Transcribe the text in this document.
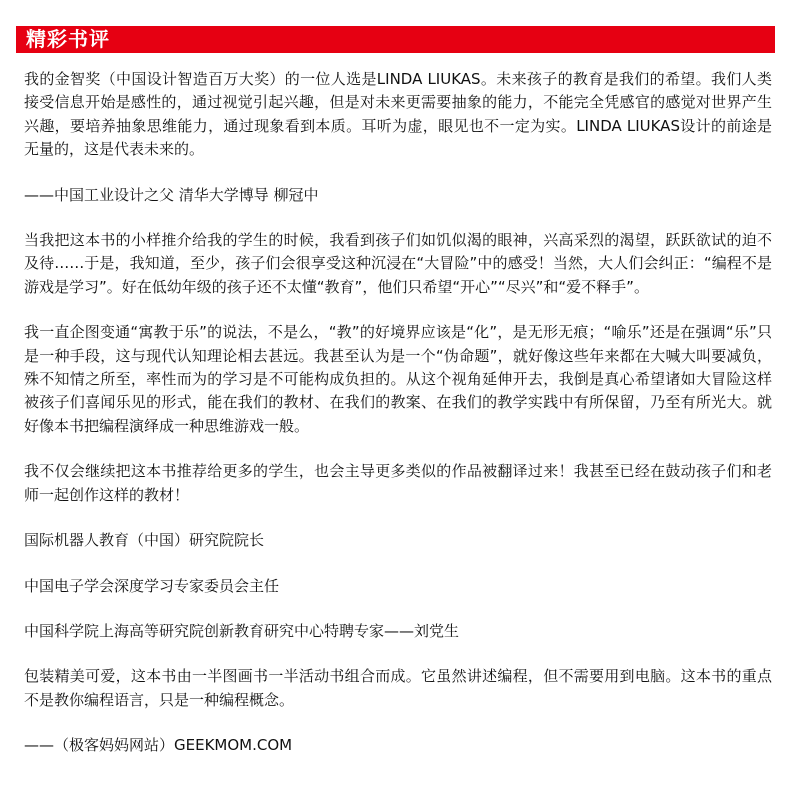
精彩书评

我的金智奖（中国设计智造百万大奖）的一位人选是LINDA LIUKAS。未来孩子的教育是我们的希望。我们人类接受信息开始是感性的，通过视觉引起兴趣，但是对未来更需要抽象的能力，不能完全凭感官的感觉对世界产生兴趣，要培养抽象思维能力，通过现象看到本质。耳听为虚，眼见也不一定为实。LINDA LIUKAS设计的前途是无量的，这是代表未来的。

——中国工业设计之父 清华大学博导 柳冠中

当我把这本书的小样推介给我的学生的时候，我看到孩子们如饥似渴的眼神，兴高采烈的渴望，跃跃欲试的迫不及待……于是，我知道，至少，孩子们会很享受这种沉浸在“大冒险”中的感受！当然，大人们会纠正：“编程不是游戏是学习”。好在低幼年级的孩子还不太懂“教育”，他们只希望“开心”“尽兴”和“爱不释手”。

我一直企图变通“寓教于乐”的说法，不是么，“教”的好境界应该是“化”，是无形无痕；“喻乐”还是在强调“乐”只是一种手段，这与现代认知理论相去甚远。我甚至认为是一个“伪命题”，就好像这些年来都在大喊大叫要减负，殊不知情之所至，率性而为的学习是不可能构成负担的。从这个视角延伸开去，我倒是真心希望诸如大冒险这样被孩子们喜闻乐见的形式，能在我们的教材、在我们的教案、在我们的教学实践中有所保留，乃至有所光大。就好像本书把编程演绎成一种思维游戏一般。

我不仅会继续把这本书推荐给更多的学生，也会主导更多类似的作品被翻译过来！我甚至已经在鼓动孩子们和老师一起创作这样的教材！

国际机器人教育（中国）研究院院长

中国电子学会深度学习专家委员会主任

中国科学院上海高等研究院创新教育研究中心特聘专家——刘党生

包装精美可爱，这本书由一半图画书一半活动书组合而成。它虽然讲述编程，但不需要用到电脑。这本书的重点不是教你编程语言，只是一种编程概念。

——（极客妈妈网站）GEEKMOM.COM
